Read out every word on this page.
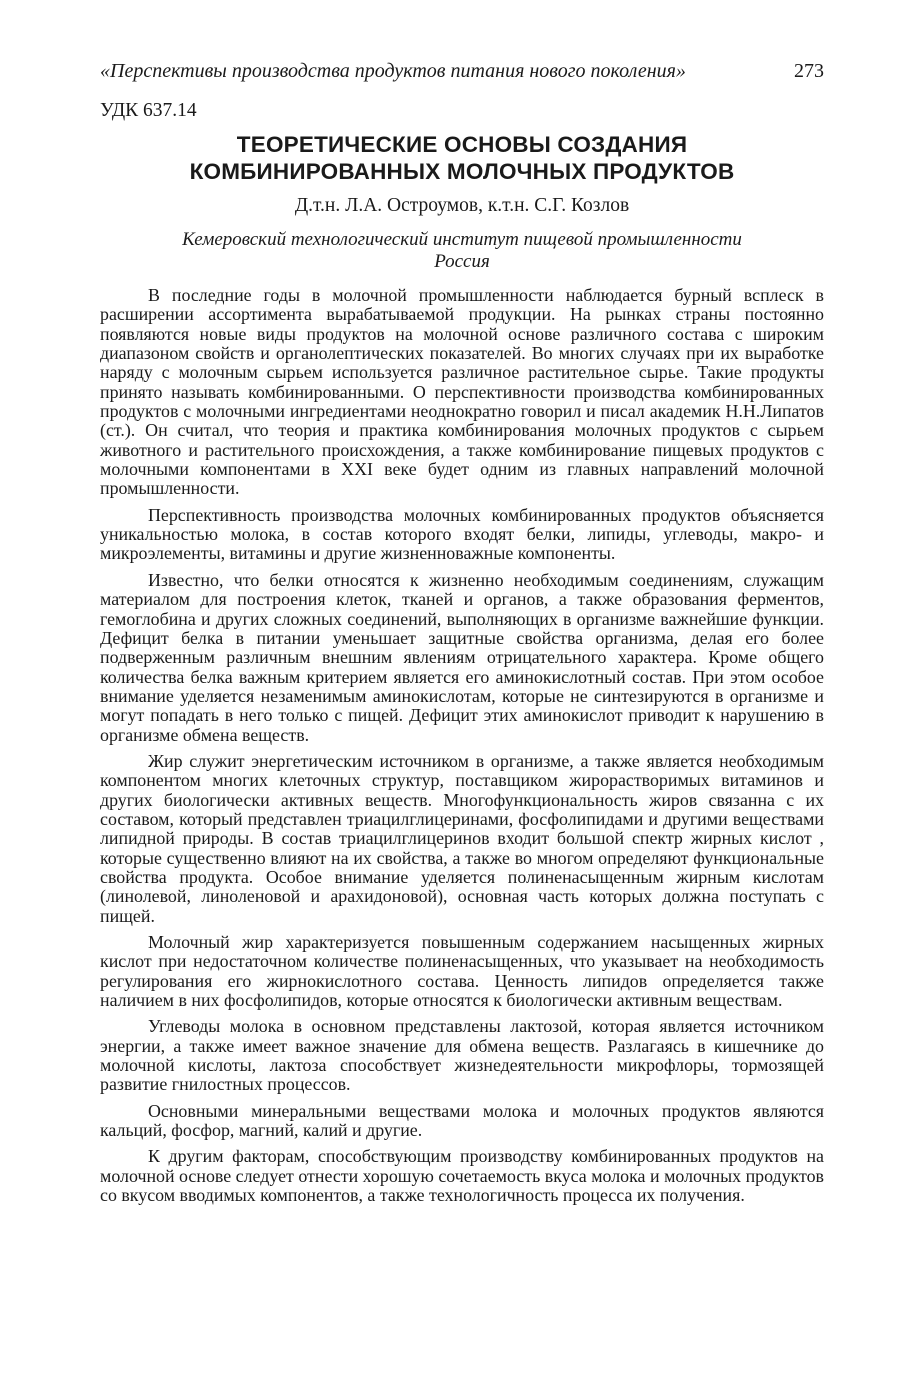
«Перспективы производства продуктов питания нового поколения»	273
УДК 637.14
ТЕОРЕТИЧЕСКИЕ ОСНОВЫ СОЗДАНИЯ
КОМБИНИРОВАННЫХ МОЛОЧНЫХ ПРОДУКТОВ
Д.т.н. Л.А. Остроумов, к.т.н. С.Г. Козлов
Кемеровский технологический институт пищевой промышленности
Россия

В последние годы в молочной промышленности наблюдается бурный всплеск в расширении ассортимента вырабатываемой продукции. На рынках страны постоянно появляются новые виды продуктов на молочной основе различного состава с широким диапазоном свойств и органолептических показателей. Во многих случаях при их выработке наряду с молочным сырьем используется различное растительное сырье. Такие продукты принято называть комбинированными. О перспективности производства комбинированных продуктов с молочными ингредиентами неоднократно говорил и писал академик Н.Н.Липатов (ст.). Он считал, что теория и практика комбинирования молочных продуктов с сырьем животного и растительного происхождения, а также комбинирование пищевых продуктов с молочными компонентами в XXI веке будет одним из главных направлений молочной промышленности.

Перспективность производства молочных комбинированных продуктов объясняется уникальностью молока, в состав которого входят белки, липиды, углеводы, макро- и микроэлементы, витамины и другие жизненноважные компоненты.

Известно, что белки относятся к жизненно необходимым соединениям, служащим материалом для построения клеток, тканей и органов, а также образования ферментов, гемоглобина и других сложных соединений, выполняющих в организме важнейшие функции. Дефицит белка в питании уменьшает защитные свойства организма, делая его более подверженным различным внешним явлениям отрицательного характера. Кроме общего количества белка важным критерием является его аминокислотный состав. При этом особое внимание уделяется незаменимым аминокислотам, которые не синтезируются в организме и могут попадать в него только с пищей. Дефицит этих аминокислот приводит к нарушению в организме обмена веществ.

Жир служит энергетическим источником в организме, а также является необходимым компонентом многих клеточных структур, поставщиком жирорастворимых витаминов и других биологически активных веществ. Многофункциональность жиров связанна с их составом, который представлен триацилглицеринами, фосфолипидами и другими веществами липидной природы. В состав триацилглицеринов входит большой спектр жирных кислот , которые существенно влияют на их свойства, а также во многом определяют функциональные свойства продукта. Особое внимание уделяется полиненасыщенным жирным кислотам (линолевой, линоленовой и арахидоновой), основная часть которых должна поступать с пищей.

Молочный жир характеризуется повышенным содержанием насыщенных жирных кислот при недостаточном количестве полиненасыщенных, что указывает на необходимость регулирования его жирнокислотного состава. Ценность липидов определяется также наличием в них фосфолипидов, которые относятся к биологически активным веществам.

Углеводы молока в основном представлены лактозой, которая является источником энергии, а также имеет важное значение для обмена веществ. Разлагаясь в кишечнике до молочной кислоты, лактоза способствует жизнедеятельности микрофлоры, тормозящей развитие гнилостных процессов.

Основными минеральными веществами молока и молочных продуктов являются кальций, фосфор, магний, калий и другие.

К другим факторам, способствующим производству комбинированных продуктов на молочной основе следует отнести хорошую сочетаемость вкуса молока и молочных продуктов со вкусом вводимых компонентов, а также технологичность процесса их получения.
